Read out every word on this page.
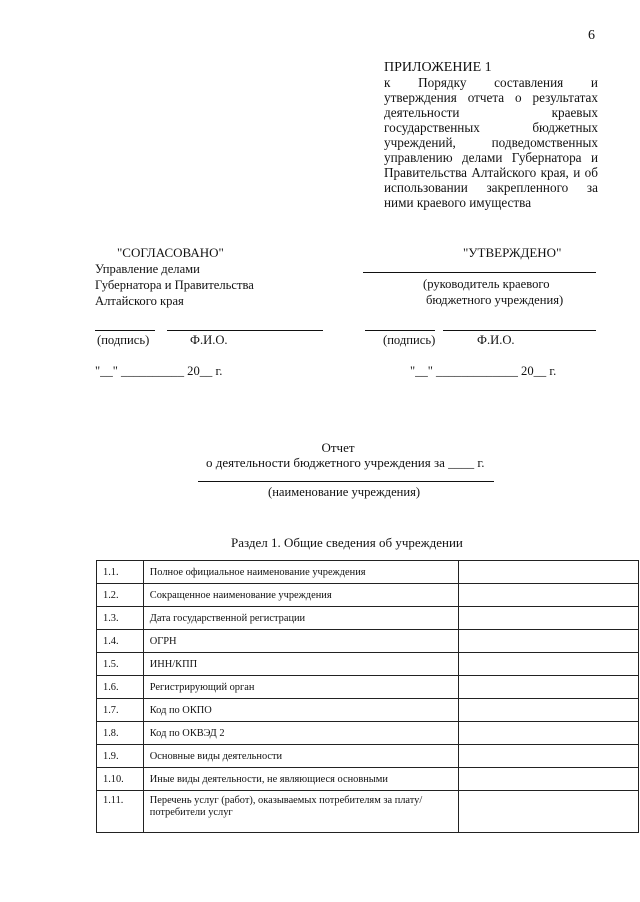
6
ПРИЛОЖЕНИЕ 1
к Порядку составления и утверждения отчета о результатах деятельности краевых государственных бюджетных учреждений, подведомственных управлению делами Губернатора и Правительства Алтайского края, и об использовании закрепленного за ними краевого имущества
"СОГЛАСОВАНО"
Управление делами
Губернатора и Правительства
Алтайского края
(подпись)	Ф.И.О.
"__" __________ 20__ г.
"УТВЕРЖДЕНО"
(руководитель краевого
бюджетного учреждения)
(подпись)	Ф.И.О.
"__" _____________ 20__ г.
Отчет
о деятельности бюджетного учреждения за ____ г.
(наименование учреждения)
Раздел 1. Общие сведения об учреждении
1.1.	Полное официальное наименование учреждения	
1.2.	Сокращенное наименование учреждения	
1.3.	Дата государственной регистрации	
1.4.	ОГРН	
1.5.	ИНН/КПП	
1.6.	Регистрирующий орган	
1.7.	Код по ОКПО	
1.8.	Код по ОКВЭД 2	
1.9.	Основные виды деятельности	
1.10.	Иные виды деятельности, не являющиеся основными	
1.11.	Перечень услуг (работ), оказываемых потребителям за плату/потребители услуг	
